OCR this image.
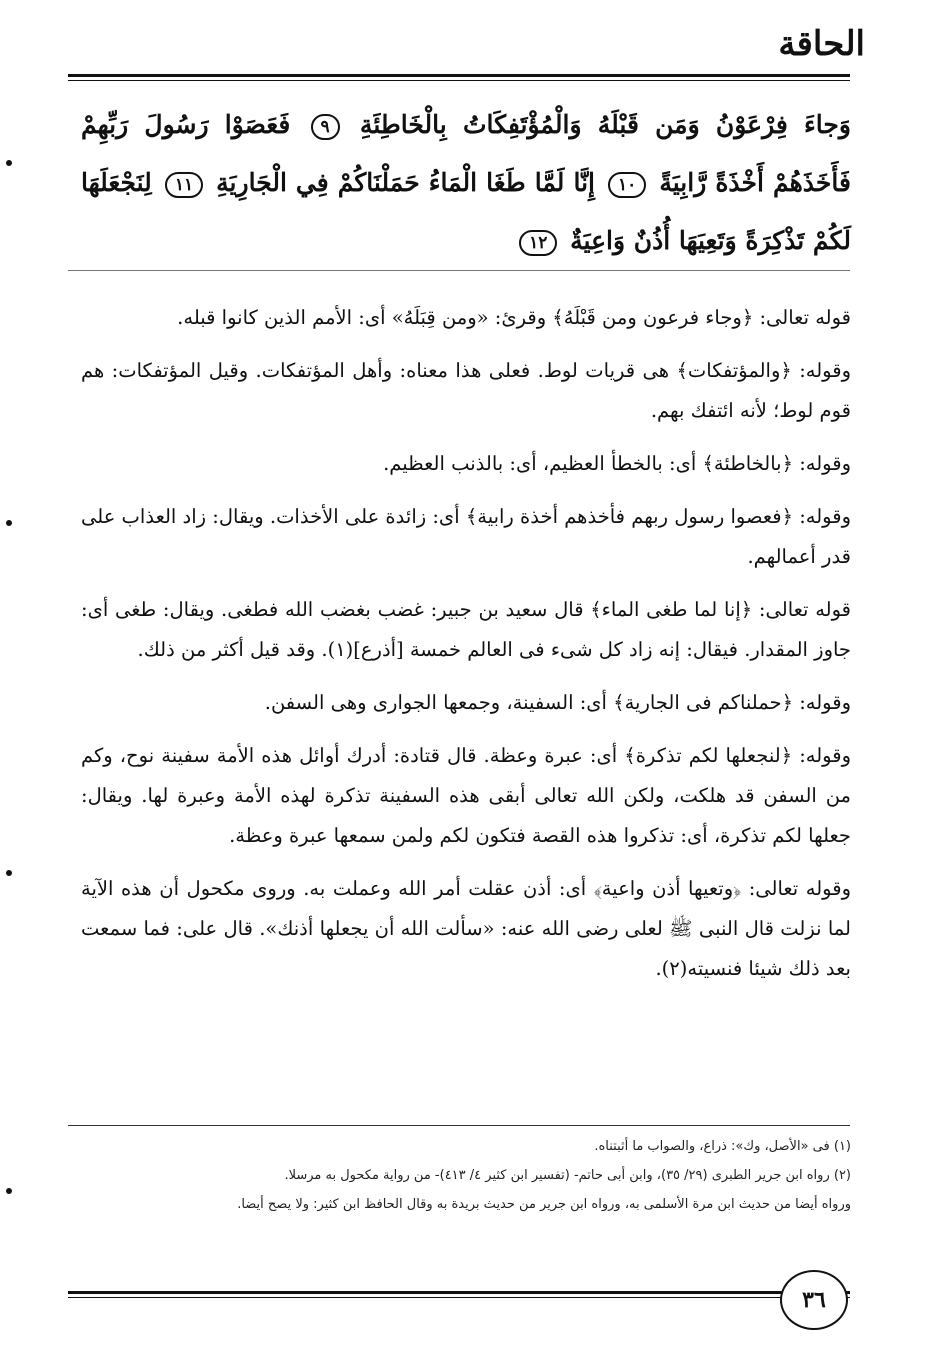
الحاقة
وَجاءَ فِرْعَوْنُ وَمَن قَبْلَهُ وَالْمُؤْتَفِكَاتُ بِالْخَاطِئَةِ ٩ فَعَصَوْا رَسُولَ رَبِّهِمْ فَأَخَذَهُمْ أَخْذَةً رَّابِيَةً ١٠ إِنَّا لَمَّا طَغَا الْمَاءُ حَمَلْنَاكُمْ فِي الْجَارِيَةِ ١١ لِنَجْعَلَهَا لَكُمْ تَذْكِرَةً وَتَعِيَهَا أُذُنٌ وَاعِيَةٌ ١٢

قوله تعالى: ﴿وجاء فرعون ومن قَبْلَهُ﴾ وقرئ: «ومن قِبَلَهُ» أى: الأمم الذين كانوا قبله.

وقوله: ﴿والمؤتفكات﴾ هى قريات لوط. فعلى هذا معناه: وأهل المؤتفكات. وقيل المؤتفكات: هم قوم لوط؛ لأنه ائتفك بهم.

وقوله: ﴿بالخاطئة﴾ أى: بالخطأ العظيم، أى: بالذنب العظيم.

وقوله: ﴿فعصوا رسول ربهم فأخذهم أخذة رابية﴾ أى: زائدة على الأخذات. ويقال: زاد العذاب على قدر أعمالهم.

قوله تعالى: ﴿إنا لما طغى الماء﴾ قال سعيد بن جبير: غضب بغضب الله فطغى. ويقال: طغى أى: جاوز المقدار. فيقال: إنه زاد كل شىء فى العالم خمسة [أذرع](١). وقد قيل أكثر من ذلك.

وقوله: ﴿حملناكم فى الجارية﴾ أى: السفينة، وجمعها الجوارى وهى السفن.

وقوله: ﴿لنجعلها لكم تذكرة﴾ أى: عبرة وعظة. قال قتادة: أدرك أوائل هذه الأمة سفينة نوح، وكم من السفن قد هلكت، ولكن الله تعالى أبقى هذه السفينة تذكرة لهذه الأمة وعبرة لها. ويقال: جعلها لكم تذكرة، أى: تذكروا هذه القصة فتكون لكم ولمن سمعها عبرة وعظة.

وقوله تعالى: ﴿وتعيها أذن واعية﴾ أى: أذن عقلت أمر الله وعملت به. وروى مكحول أن هذه الآية لما نزلت قال النبى ﷺ لعلى رضى الله عنه: «سألت الله أن يجعلها أذنك». قال على: فما سمعت بعد ذلك شيئا فنسيته(٢).

(١) فى «الأصل، وك»: ذراع، والصواب ما أثبتناه.

(٢) رواه ابن جرير الطبرى (٢٩/ ٣٥)، وابن أبى حاتم- (تفسير ابن كثير ٤/ ٤١٣)- من رواية مكحول به مرسلا.

ورواه أيضا من حديث ابن مرة الأسلمى به، ورواه ابن جرير من حديث بريدة به وقال الحافظ ابن كثير: ولا يصح أيضا.

٣٦
